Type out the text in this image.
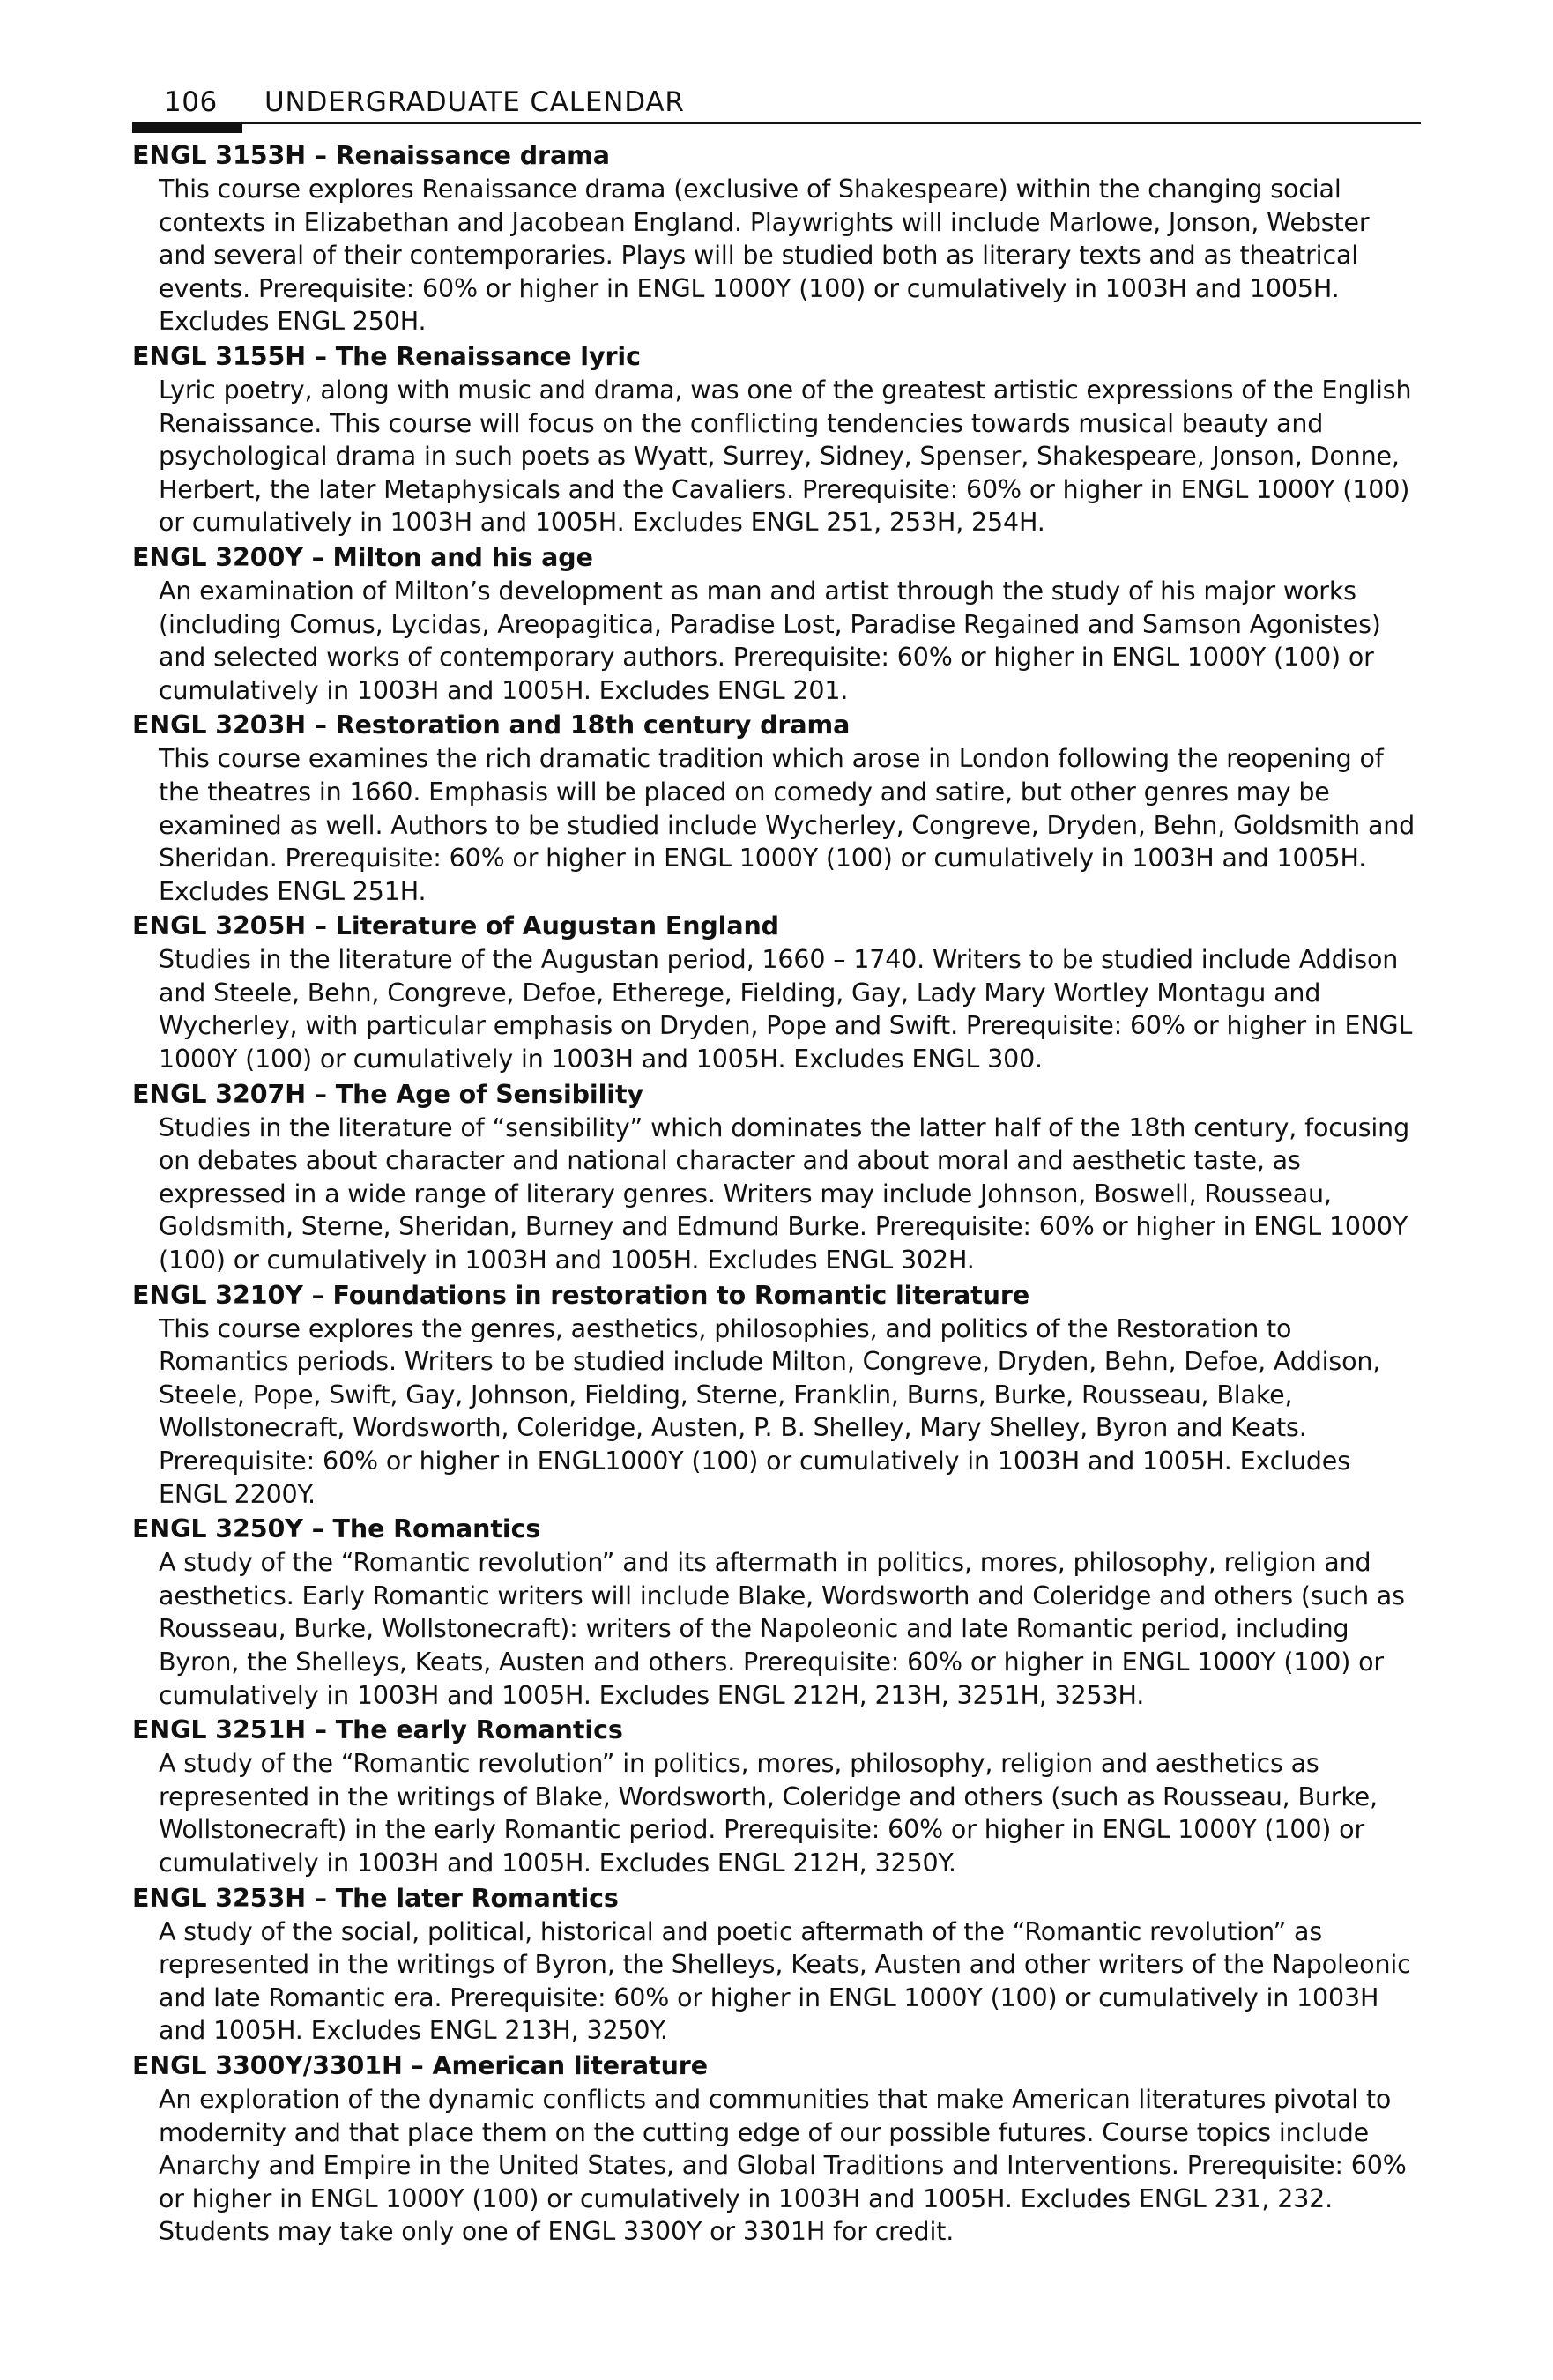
106 UNDERGRADUATE CALENDAR
ENGL 3153H – Renaissance drama
This course explores Renaissance drama (exclusive of Shakespeare) within the changing social contexts in Elizabethan and Jacobean England. Playwrights will include Marlowe, Jonson, Webster and several of their contemporaries. Plays will be studied both as literary texts and as theatrical events. Prerequisite: 60% or higher in ENGL 1000Y (100) or cumulatively in 1003H and 1005H. Excludes ENGL 250H.
ENGL 3155H – The Renaissance lyric
Lyric poetry, along with music and drama, was one of the greatest artistic expressions of the English Renaissance. This course will focus on the conflicting tendencies towards musical beauty and psychological drama in such poets as Wyatt, Surrey, Sidney, Spenser, Shakespeare, Jonson, Donne, Herbert, the later Metaphysicals and the Cavaliers. Prerequisite: 60% or higher in ENGL 1000Y (100) or cumulatively in 1003H and 1005H. Excludes ENGL 251, 253H, 254H.
ENGL 3200Y – Milton and his age
An examination of Milton’s development as man and artist through the study of his major works (including Comus, Lycidas, Areopagitica, Paradise Lost, Paradise Regained and Samson Agonistes) and selected works of contemporary authors. Prerequisite: 60% or higher in ENGL 1000Y (100) or cumulatively in 1003H and 1005H. Excludes ENGL 201.
ENGL 3203H – Restoration and 18th century drama
This course examines the rich dramatic tradition which arose in London following the reopening of the theatres in 1660. Emphasis will be placed on comedy and satire, but other genres may be examined as well. Authors to be studied include Wycherley, Congreve, Dryden, Behn, Goldsmith and Sheridan. Prerequisite: 60% or higher in ENGL 1000Y (100) or cumulatively in 1003H and 1005H. Excludes ENGL 251H.
ENGL 3205H – Literature of Augustan England
Studies in the literature of the Augustan period, 1660 – 1740. Writers to be studied include Addison and Steele, Behn, Congreve, Defoe, Etherege, Fielding, Gay, Lady Mary Wortley Montagu and Wycherley, with particular emphasis on Dryden, Pope and Swift. Prerequisite: 60% or higher in ENGL 1000Y (100) or cumulatively in 1003H and 1005H. Excludes ENGL 300.
ENGL 3207H – The Age of Sensibility
Studies in the literature of “sensibility” which dominates the latter half of the 18th century, focusing on debates about character and national character and about moral and aesthetic taste, as expressed in a wide range of literary genres. Writers may include Johnson, Boswell, Rousseau, Goldsmith, Sterne, Sheridan, Burney and Edmund Burke. Prerequisite: 60% or higher in ENGL 1000Y (100) or cumulatively in 1003H and 1005H. Excludes ENGL 302H.
ENGL 3210Y – Foundations in restoration to Romantic literature
This course explores the genres, aesthetics, philosophies, and politics of the Restoration to Romantics periods. Writers to be studied include Milton, Congreve, Dryden, Behn, Defoe, Addison, Steele, Pope, Swift, Gay, Johnson, Fielding, Sterne, Franklin, Burns, Burke, Rousseau, Blake, Wollstonecraft, Wordsworth, Coleridge, Austen, P. B. Shelley, Mary Shelley, Byron and Keats. Prerequisite: 60% or higher in ENGL1000Y (100) or cumulatively in 1003H and 1005H. Excludes ENGL 2200Y.
ENGL 3250Y – The Romantics
A study of the “Romantic revolution” and its aftermath in politics, mores, philosophy, religion and aesthetics. Early Romantic writers will include Blake, Wordsworth and Coleridge and others (such as Rousseau, Burke, Wollstonecraft): writers of the Napoleonic and late Romantic period, including Byron, the Shelleys, Keats, Austen and others. Prerequisite: 60% or higher in ENGL 1000Y (100) or cumulatively in 1003H and 1005H. Excludes ENGL 212H, 213H, 3251H, 3253H.
ENGL 3251H – The early Romantics
A study of the “Romantic revolution” in politics, mores, philosophy, religion and aesthetics as represented in the writings of Blake, Wordsworth, Coleridge and others (such as Rousseau, Burke, Wollstonecraft) in the early Romantic period. Prerequisite: 60% or higher in ENGL 1000Y (100) or cumulatively in 1003H and 1005H. Excludes ENGL 212H, 3250Y.
ENGL 3253H – The later Romantics
A study of the social, political, historical and poetic aftermath of the “Romantic revolution” as represented in the writings of Byron, the Shelleys, Keats, Austen and other writers of the Napoleonic and late Romantic era. Prerequisite: 60% or higher in ENGL 1000Y (100) or cumulatively in 1003H and 1005H. Excludes ENGL 213H, 3250Y.
ENGL 3300Y/3301H – American literature
An exploration of the dynamic conflicts and communities that make American literatures pivotal to modernity and that place them on the cutting edge of our possible futures. Course topics include Anarchy and Empire in the United States, and Global Traditions and Interventions. Prerequisite: 60% or higher in ENGL 1000Y (100) or cumulatively in 1003H and 1005H. Excludes ENGL 231, 232. Students may take only one of ENGL 3300Y or 3301H for credit.
